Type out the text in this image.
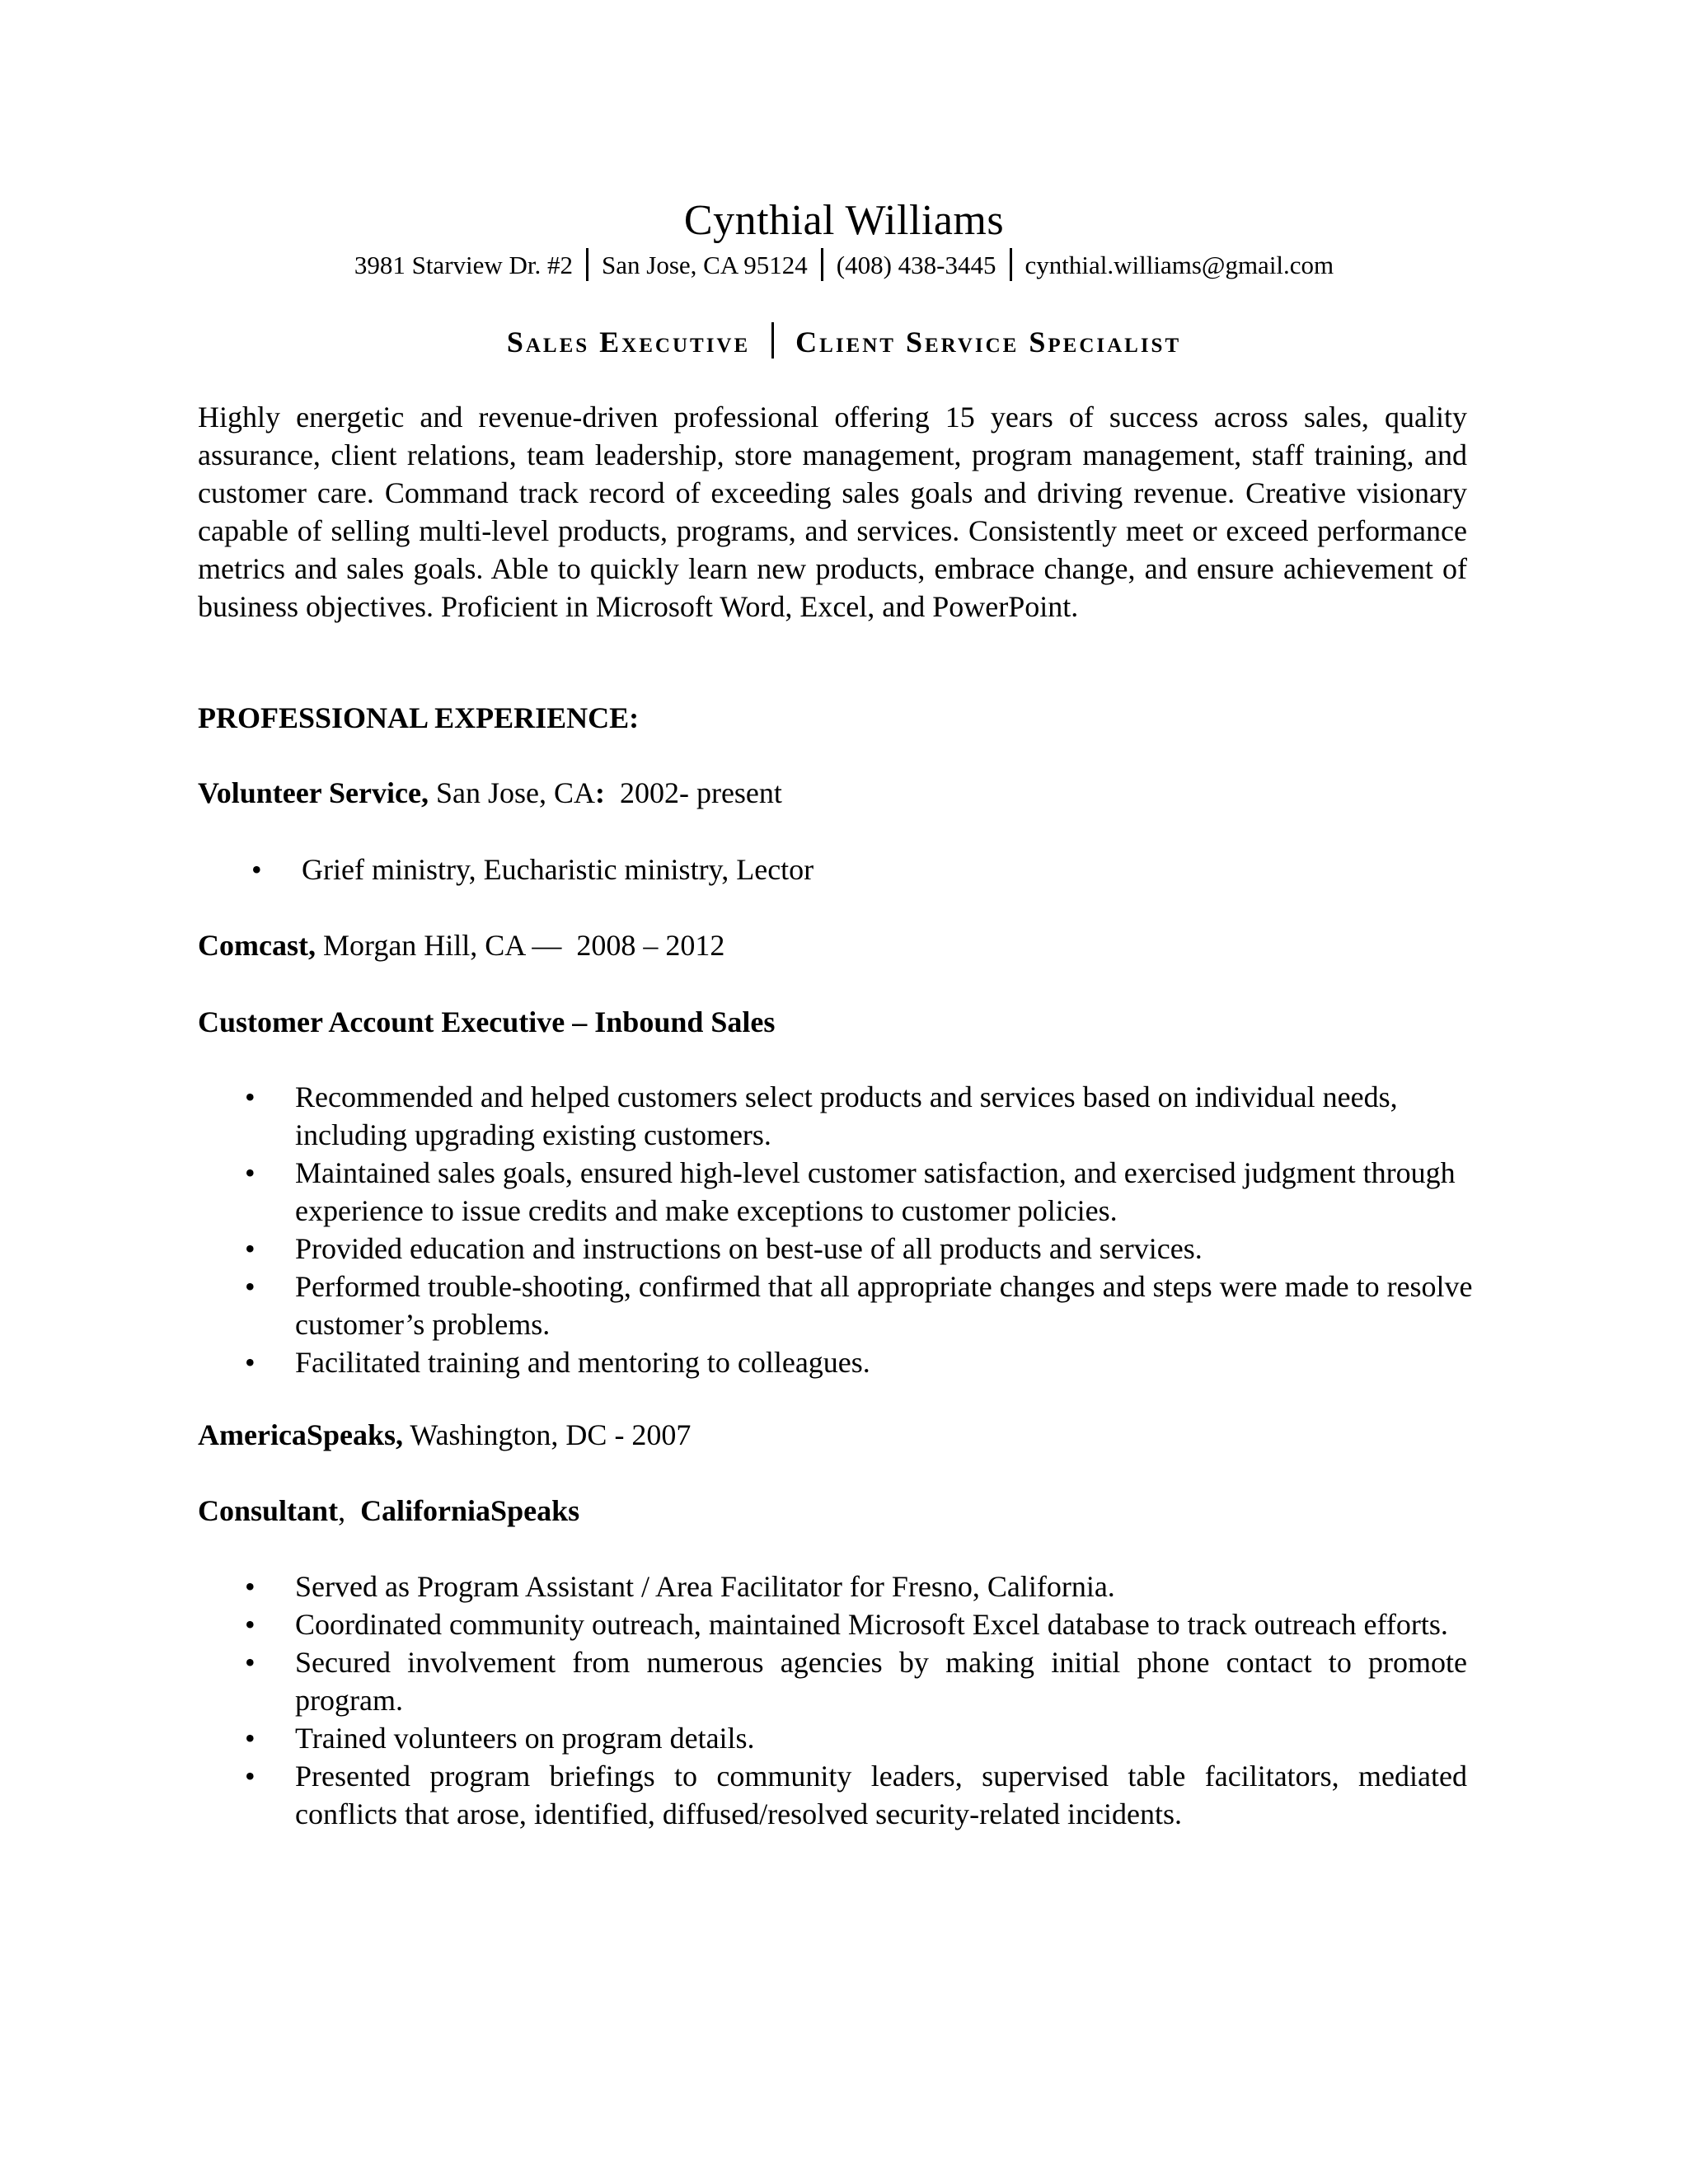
Cynthial Williams
3981 Starview Dr. #2 San Jose, CA 95124 (408) 438-3445 cynthial.williams@gmail.com
Sales Executive Client Service Specialist
Highly energetic and revenue-driven professional offering 15 years of success across sales, quality assurance, client relations, team leadership, store management, program management, staff training, and customer care. Command track record of exceeding sales goals and driving revenue. Creative visionary capable of selling multi-level products, programs, and services. Consistently meet or exceed performance metrics and sales goals. Able to quickly learn new products, embrace change, and ensure achievement of business objectives. Proficient in Microsoft Word, Excel, and PowerPoint.
PROFESSIONAL EXPERIENCE:
Volunteer Service, San Jose, CA: 2002- present
• Grief ministry, Eucharistic ministry, Lector
Comcast, Morgan Hill, CA — 2008 – 2012
Customer Account Executive – Inbound Sales
• Recommended and helped customers select products and services based on individual needs, including upgrading existing customers.
• Maintained sales goals, ensured high-level customer satisfaction, and exercised judgment through experience to issue credits and make exceptions to customer policies.
• Provided education and instructions on best-use of all products and services.
• Performed trouble-shooting, confirmed that all appropriate changes and steps were made to resolve customer’s problems.
• Facilitated training and mentoring to colleagues.
AmericaSpeaks, Washington, DC - 2007
Consultant, CaliforniaSpeaks
• Served as Program Assistant / Area Facilitator for Fresno, California.
• Coordinated community outreach, maintained Microsoft Excel database to track outreach efforts.
• Secured involvement from numerous agencies by making initial phone contact to promote program.
• Trained volunteers on program details.
• Presented program briefings to community leaders, supervised table facilitators, mediated conflicts that arose, identified, diffused/resolved security-related incidents.
